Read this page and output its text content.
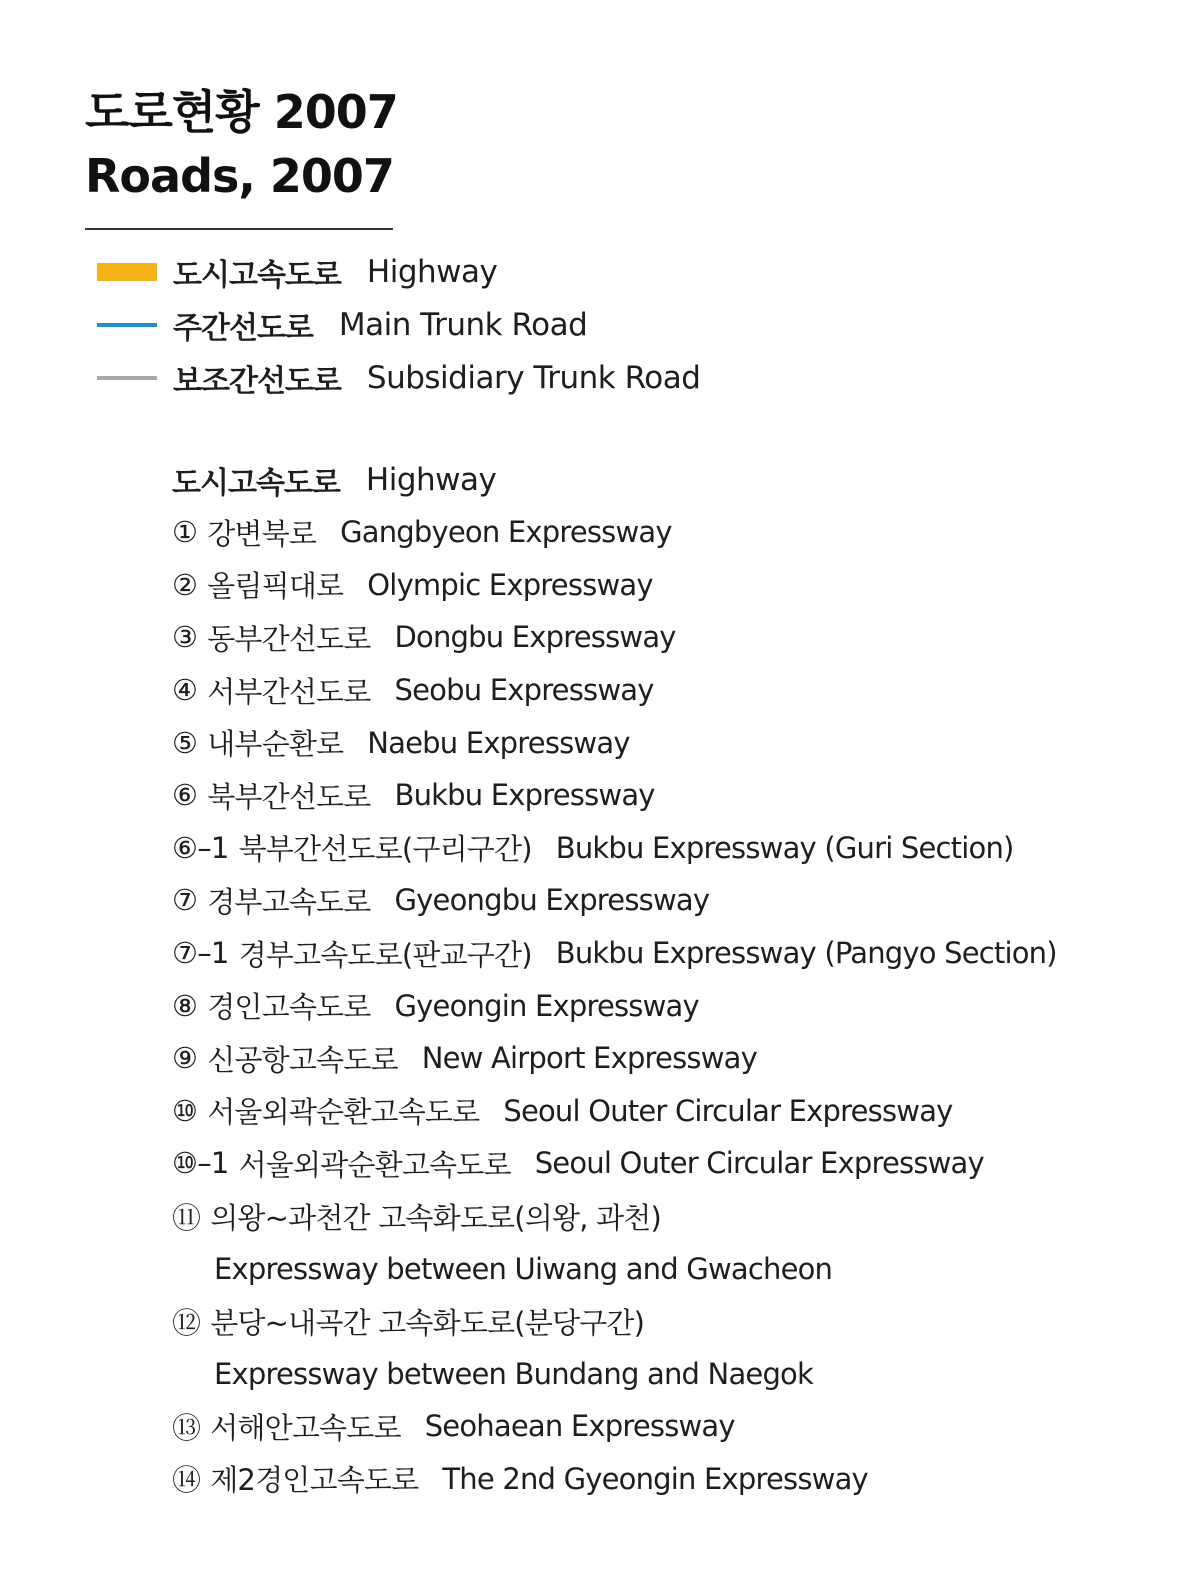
도로현황 2007
Roads, 2007
도시고속도로 Highway
주간선도로 Main Trunk Road
보조간선도로 Subsidiary Trunk Road
도시고속도로 Highway
① 강변북로 Gangbyeon Expressway
② 올림픽대로 Olympic Expressway
③ 동부간선도로 Dongbu Expressway
④ 서부간선도로 Seobu Expressway
⑤ 내부순환로 Naebu Expressway
⑥ 북부간선도로 Bukbu Expressway
⑥–1 북부간선도로(구리구간) Bukbu Expressway (Guri Section)
⑦ 경부고속도로 Gyeongbu Expressway
⑦–1 경부고속도로(판교구간) Bukbu Expressway (Pangyo Section)
⑧ 경인고속도로 Gyeongin Expressway
⑨ 신공항고속도로 New Airport Expressway
⑩ 서울외곽순환고속도로 Seoul Outer Circular Expressway
⑩–1 서울외곽순환고속도로 Seoul Outer Circular Expressway
⑪ 의왕~과천간 고속화도로(의왕, 과천)
Expressway between Uiwang and Gwacheon
⑫ 분당~내곡간 고속화도로(분당구간)
Expressway between Bundang and Naegok
⑬ 서해안고속도로 Seohaean Expressway
⑭ 제2경인고속도로 The 2nd Gyeongin Expressway
